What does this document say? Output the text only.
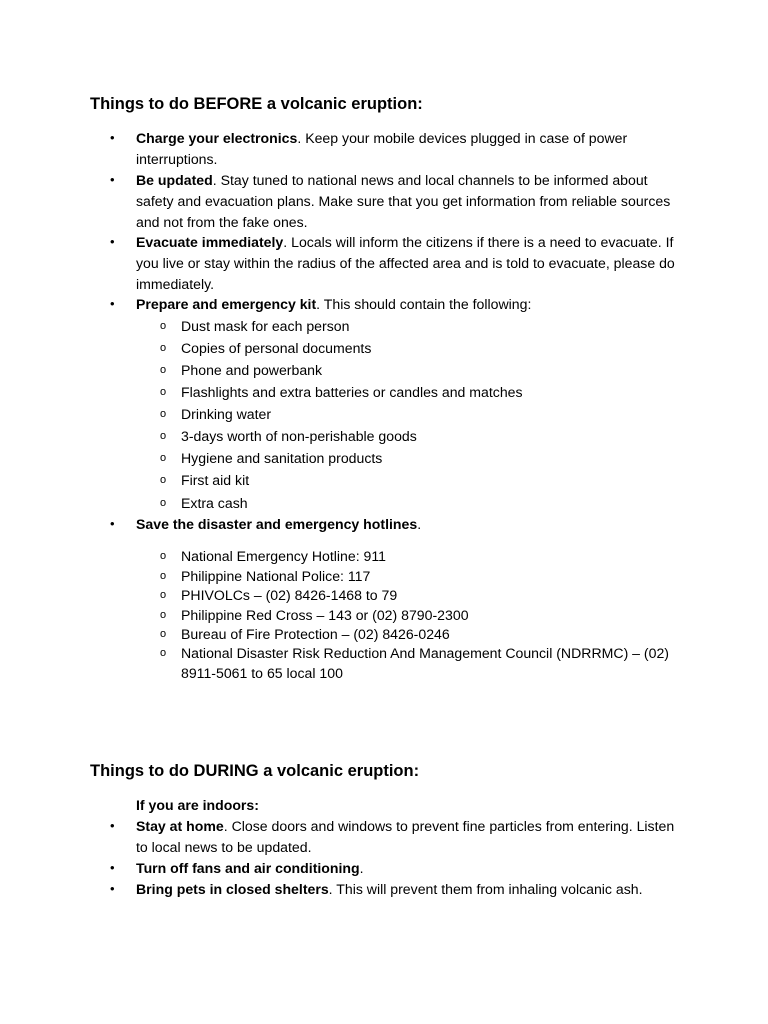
Things to do BEFORE a volcanic eruption:
• Charge your electronics. Keep your mobile devices plugged in case of power interruptions.
• Be updated. Stay tuned to national news and local channels to be informed about safety and evacuation plans. Make sure that you get information from reliable sources and not from the fake ones.
• Evacuate immediately. Locals will inform the citizens if there is a need to evacuate. If you live or stay within the radius of the affected area and is told to evacuate, please do immediately.
• Prepare and emergency kit. This should contain the following:
o Dust mask for each person
o Copies of personal documents
o Phone and powerbank
o Flashlights and extra batteries or candles and matches
o Drinking water
o 3-days worth of non-perishable goods
o Hygiene and sanitation products
o First aid kit
o Extra cash
• Save the disaster and emergency hotlines.
o National Emergency Hotline: 911
o Philippine National Police: 117
o PHIVOLCs – (02) 8426-1468 to 79
o Philippine Red Cross – 143 or (02) 8790-2300
o Bureau of Fire Protection – (02) 8426-0246
o National Disaster Risk Reduction And Management Council (NDRRMC) – (02) 8911-5061 to 65 local 100
Things to do DURING a volcanic eruption:
If you are indoors:
• Stay at home. Close doors and windows to prevent fine particles from entering. Listen to local news to be updated.
• Turn off fans and air conditioning.
• Bring pets in closed shelters. This will prevent them from inhaling volcanic ash.
